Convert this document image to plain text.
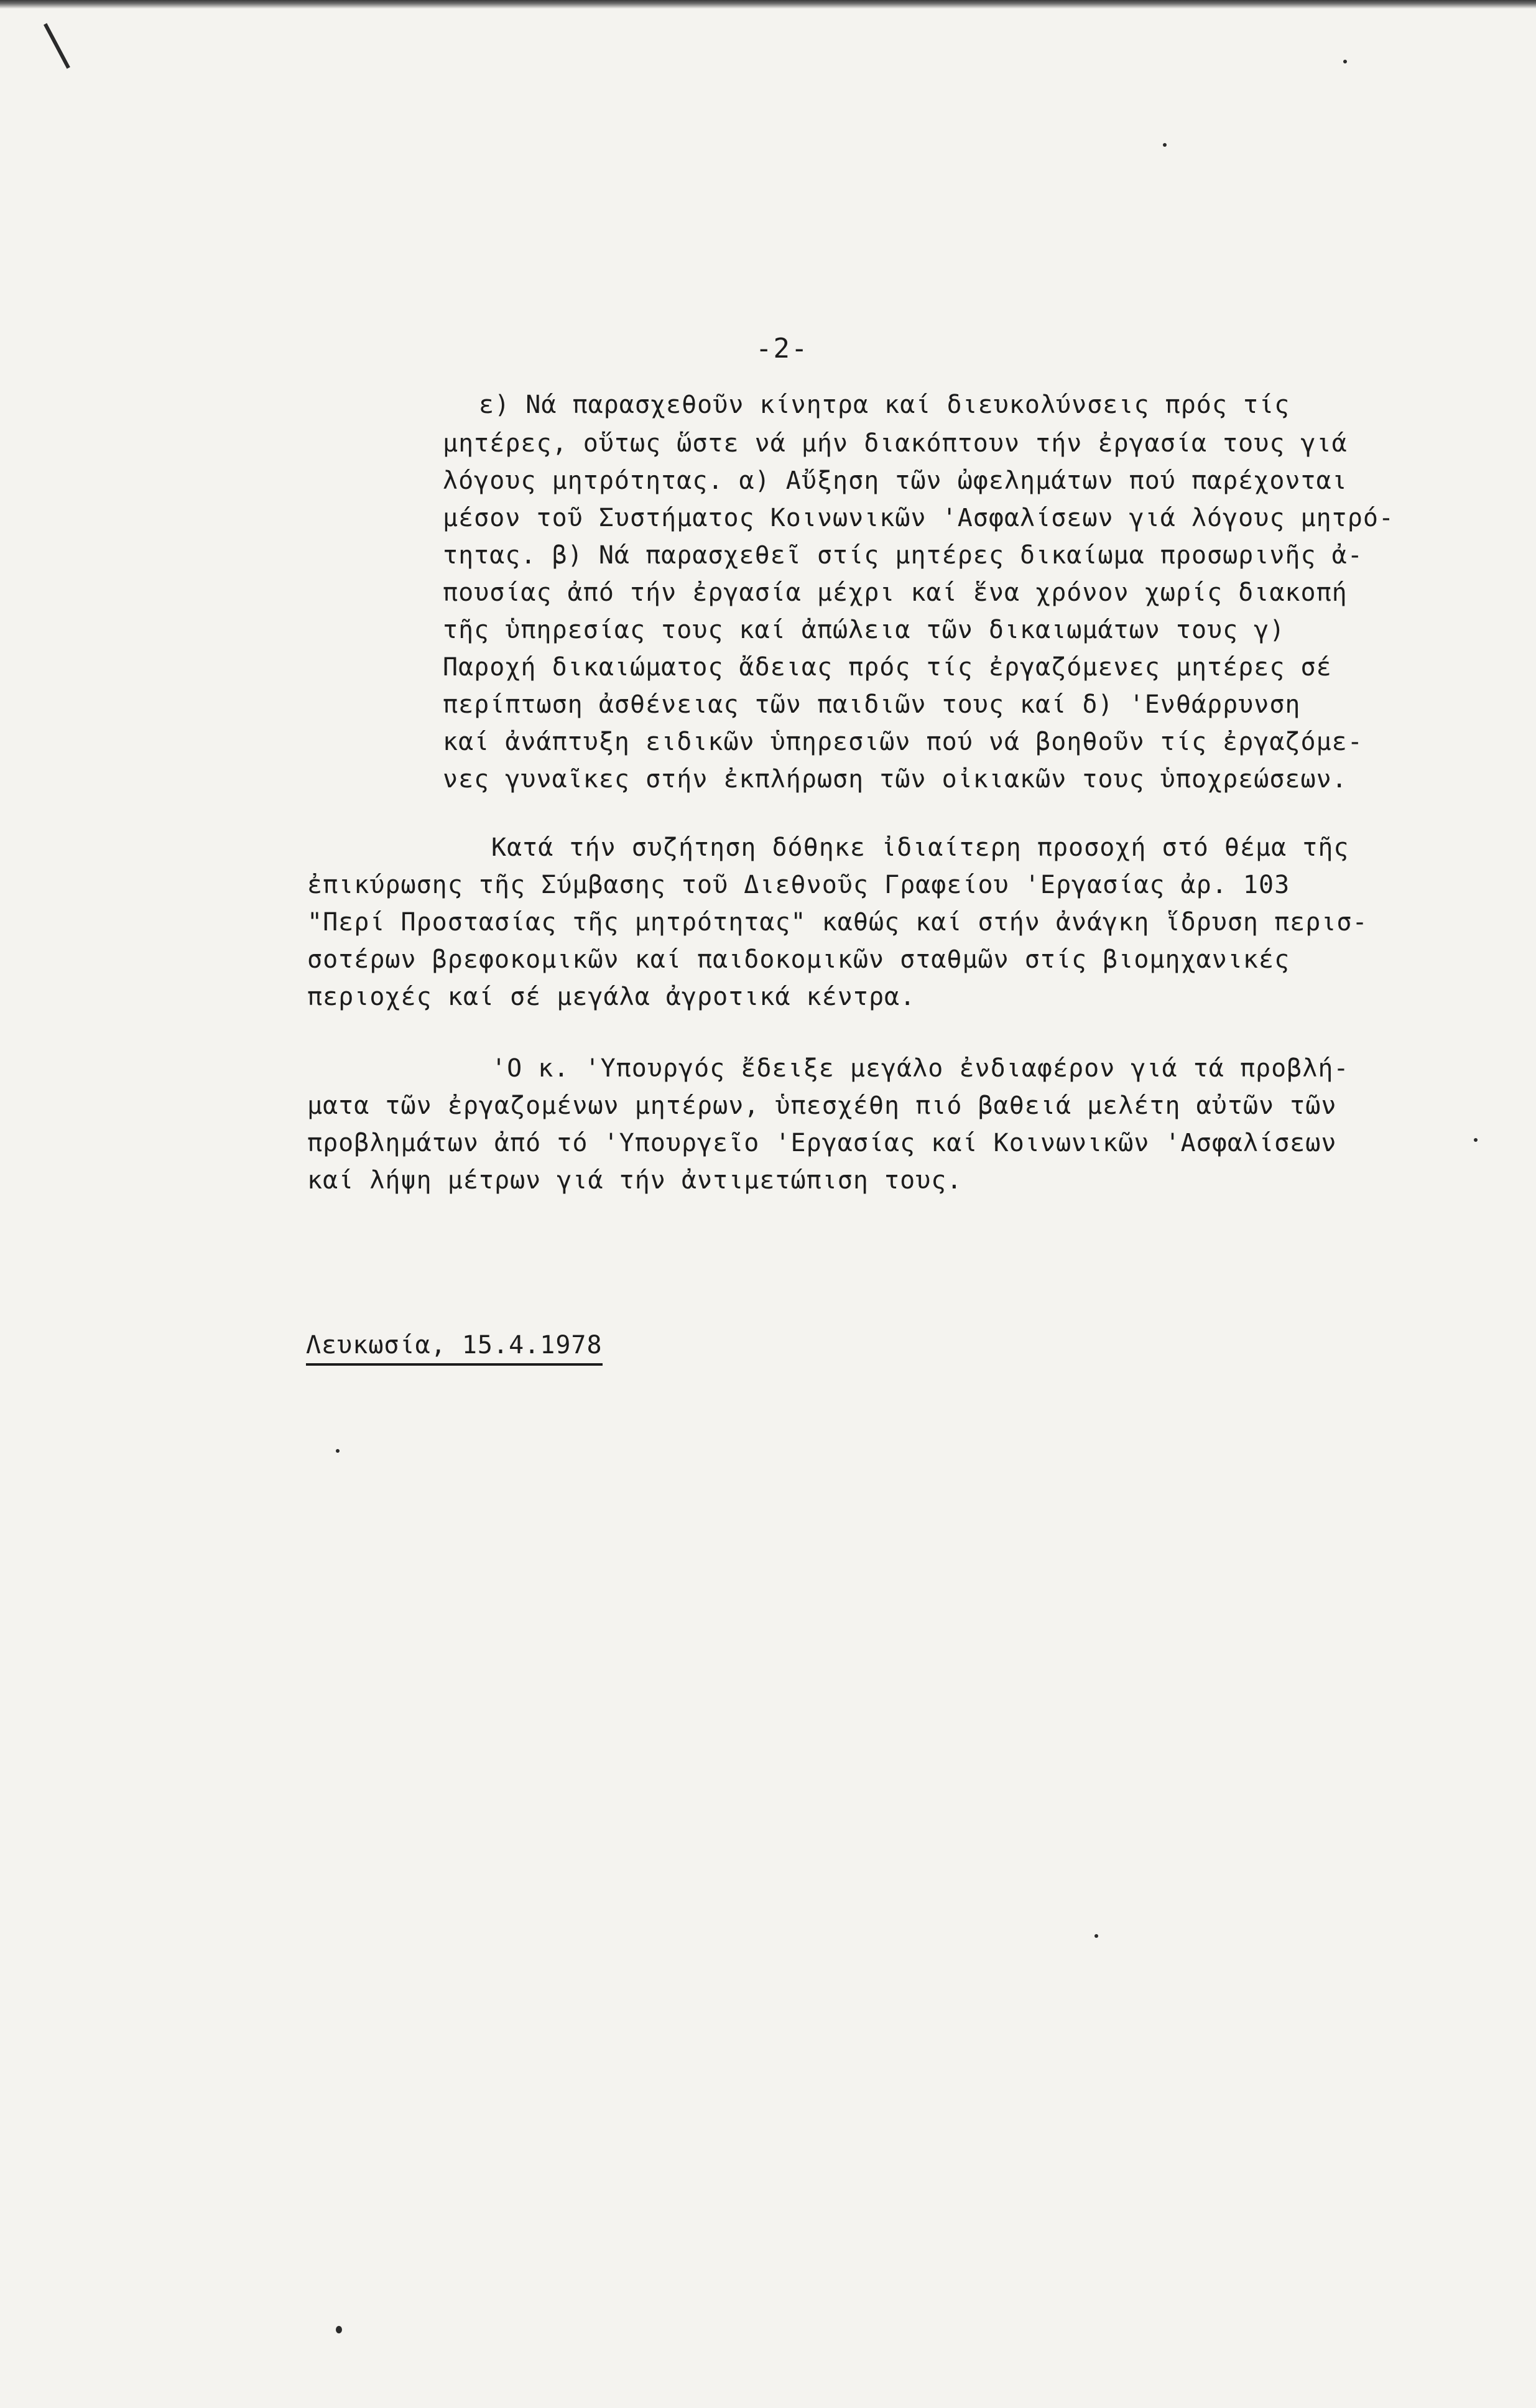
-2-
ε) Νά παρασχεθοῦν κίνητρα καί διευκολύνσεις πρός τίς
μητέρες, οὕτως ὥστε νά μήν διακόπτουν τήν ἐργασία τους γιά
λόγους μητρότητας. α) Αὔξηση τῶν ὠφελημάτων πού παρέχονται
μέσον τοῦ Συστήματος Κοινωνικῶν 'Ασφαλίσεων γιά λόγους μητρό-
τητας. β) Νά παρασχεθεῖ στίς μητέρες δικαίωμα προσωρινῆς ἀ-
πουσίας ἀπό τήν ἐργασία μέχρι καί ἕνα χρόνον χωρίς διακοπή
τῆς ὑπηρεσίας τους καί ἀπώλεια τῶν δικαιωμάτων τους γ)
Παροχή δικαιώματος ἄδειας πρός τίς ἐργαζόμενες μητέρες σέ
περίπτωση ἀσθένειας τῶν παιδιῶν τους καί δ) 'Ενθάρρυνση
καί ἀνάπτυξη ειδικῶν ὑπηρεσιῶν πού νά βοηθοῦν τίς ἐργαζόμε-
νες γυναῖκες στήν ἐκπλήρωση τῶν οἰκιακῶν τους ὑποχρεώσεων.
Κατά τήν συζήτηση δόθηκε ἰδιαίτερη προσοχή στό θέμα τῆς
ἐπικύρωσης τῆς Σύμβασης τοῦ Διεθνοῦς Γραφείου 'Εργασίας ἀρ. 103
"Περί Προστασίας τῆς μητρότητας" καθώς καί στήν ἀνάγκη ἵδρυση περισ-
σοτέρων βρεφοκομικῶν καί παιδοκομικῶν σταθμῶν στίς βιομηχανικές
περιοχές καί σέ μεγάλα ἀγροτικά κέντρα.
'Ο κ. 'Υπουργός ἔδειξε μεγάλο ἐνδιαφέρον γιά τά προβλή-
ματα τῶν ἐργαζομένων μητέρων, ὑπεσχέθη πιό βαθειά μελέτη αὐτῶν τῶν
προβλημάτων ἀπό τό 'Υπουργεῖο 'Εργασίας καί Κοινωνικῶν 'Ασφαλίσεων
καί λήψη μέτρων γιά τήν ἀντιμετώπιση τους.
Λευκωσία, 15.4.1978
